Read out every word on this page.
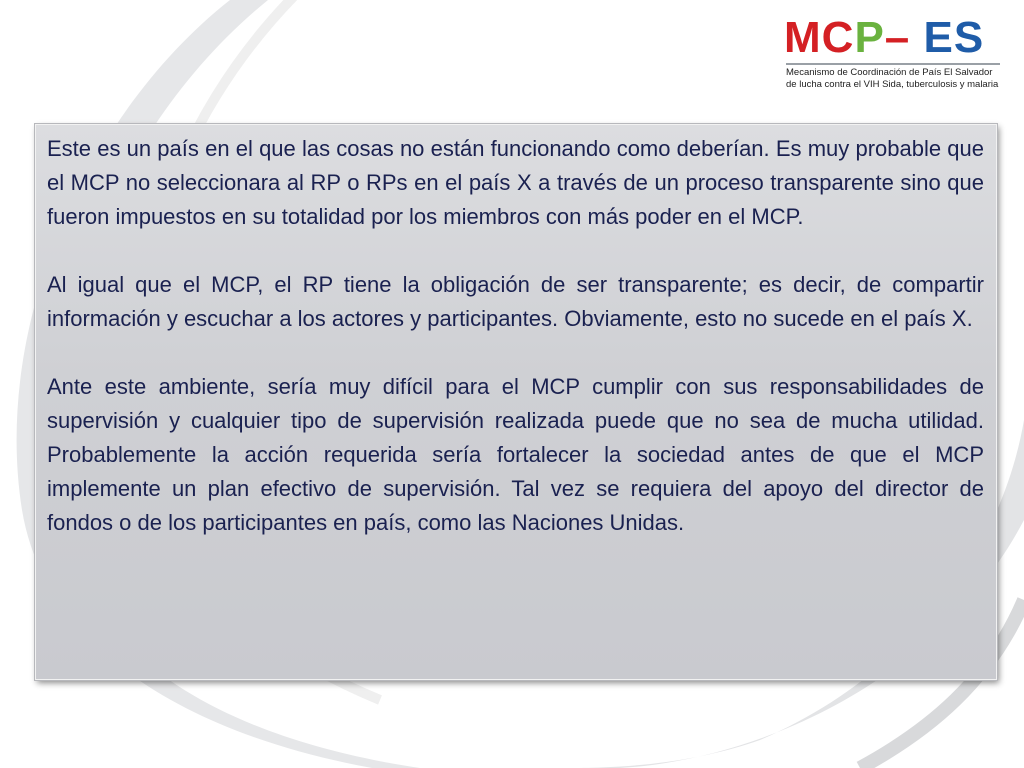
MCP– ES
Mecanismo de Coordinación de País El Salvador
de lucha contra el VIH Sida, tuberculosis y malaria

Este es un país en el que las cosas no están funcionando como deberían. Es muy probable que el MCP no seleccionara al RP o RPs en el país X a través de un proceso transparente sino que fueron impuestos en su totalidad por los miembros con más poder en el MCP.

Al igual que el MCP, el RP tiene la obligación de ser transparente; es decir, de compartir información y escuchar a los actores y participantes. Obviamente, esto no sucede en el país X.

Ante este ambiente, sería muy difícil para el MCP cumplir con sus responsabilidades de supervisión y cualquier tipo de supervisión realizada puede que no sea de mucha utilidad. Probablemente la acción requerida sería fortalecer la sociedad antes de que el MCP implemente un plan efectivo de supervisión. Tal vez se requiera del apoyo del director de fondos o de los participantes en país, como las Naciones Unidas.
